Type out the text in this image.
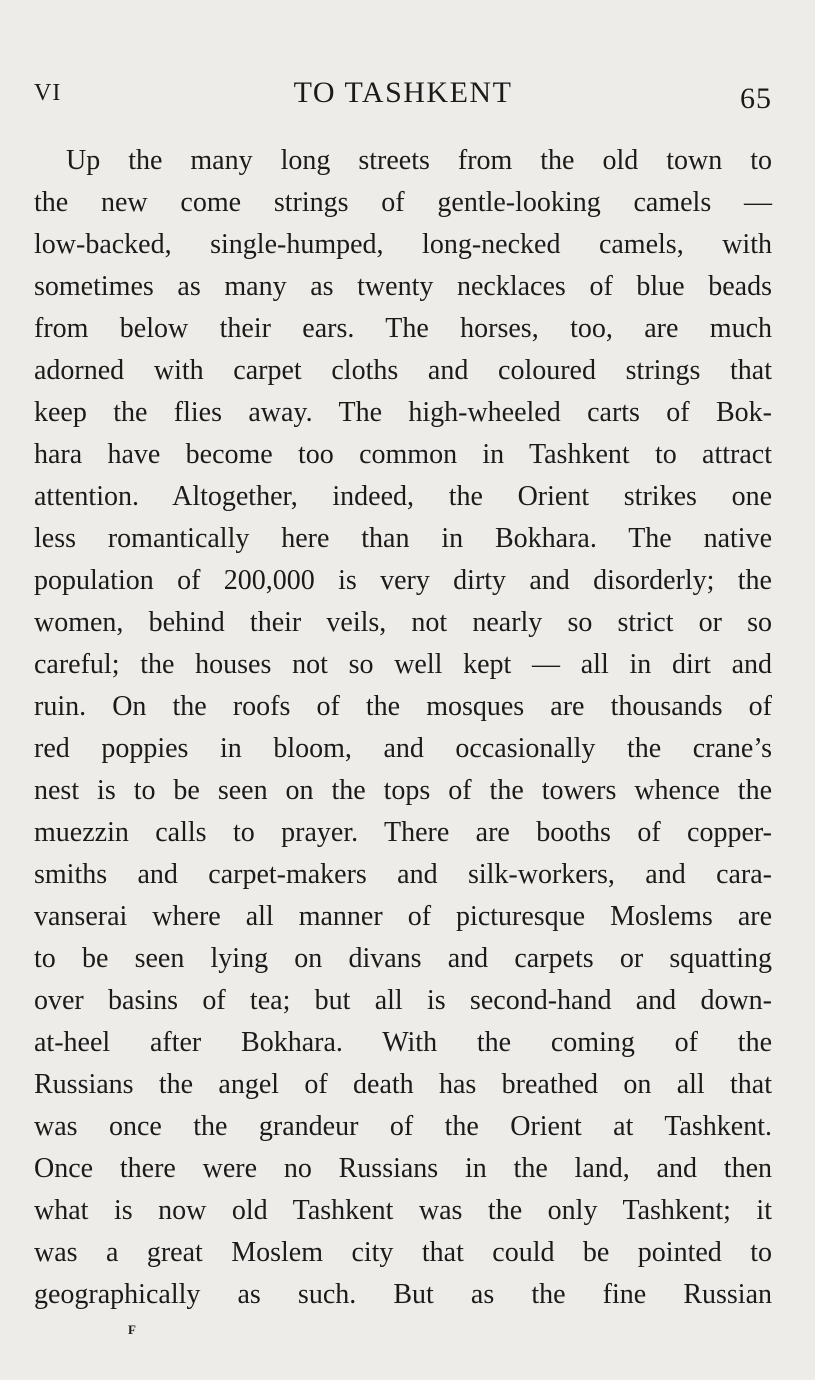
VI	TO TASHKENT	65
Up the many long streets from the old town to
the new come strings of gentle-looking camels —
low-backed, single-humped, long-necked camels, with
sometimes as many as twenty necklaces of blue beads
from below their ears. The horses, too, are much
adorned with carpet cloths and coloured strings that
keep the flies away. The high-wheeled carts of Bok-
hara have become too common in Tashkent to attract
attention. Altogether, indeed, the Orient strikes one
less romantically here than in Bokhara. The native
population of 200,000 is very dirty and disorderly; the
women, behind their veils, not nearly so strict or so
careful; the houses not so well kept — all in dirt and
ruin. On the roofs of the mosques are thousands of
red poppies in bloom, and occasionally the crane’s
nest is to be seen on the tops of the towers whence the
muezzin calls to prayer. There are booths of copper-
smiths and carpet-makers and silk-workers, and cara-
vanserai where all manner of picturesque Moslems are
to be seen lying on divans and carpets or squatting
over basins of tea; but all is second-hand and down-
at-heel after Bokhara. With the coming of the
Russians the angel of death has breathed on all that
was once the grandeur of the Orient at Tashkent.
Once there were no Russians in the land, and then
what is now old Tashkent was the only Tashkent; it
was a great Moslem city that could be pointed to
geographically as such. But as the fine Russian
F
